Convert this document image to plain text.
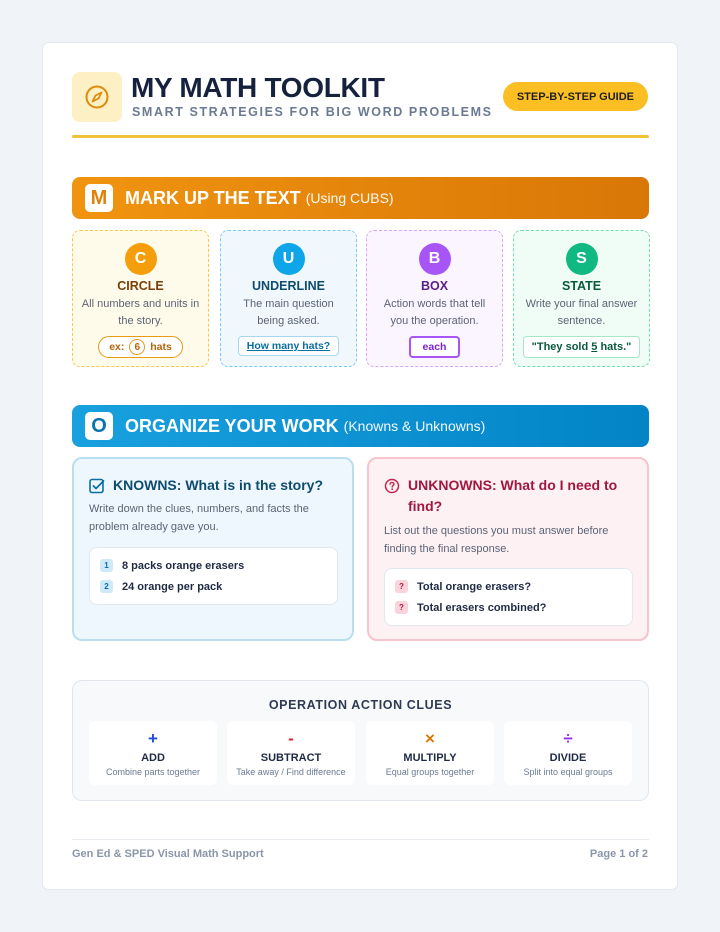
MY MATH TOOLKIT
SMART STRATEGIES FOR BIG WORD PROBLEMS
STEP-BY-STEP GUIDE
M MARK UP THE TEXT (Using CUBS)
C
CIRCLE
All numbers and units in the story.
ex: 6 hats
U
UNDERLINE
The main question being asked.
How many hats?
B
BOX
Action words that tell you the operation.
each
S
STATE
Write your final answer sentence.
"They sold 5 hats."
O	ORGANIZE YOUR WORK (Knowns & Unknowns)
KNOWNS: What is in the story?
Write down the clues, numbers, and facts the problem already gave you.
1	8 packs orange erasers
2	24 orange per pack
UNKNOWNS: What do I need to find?
List out the questions you must answer before finding the final response.
?	Total orange erasers?
?	Total erasers combined?
OPERATION ACTION CLUES
+
ADD
Combine parts together
-
SUBTRACT
Take away / Find difference
×
MULTIPLY
Equal groups together
÷
DIVIDE
Split into equal groups
Gen Ed & SPED Visual Math Support	Page 1 of 2
